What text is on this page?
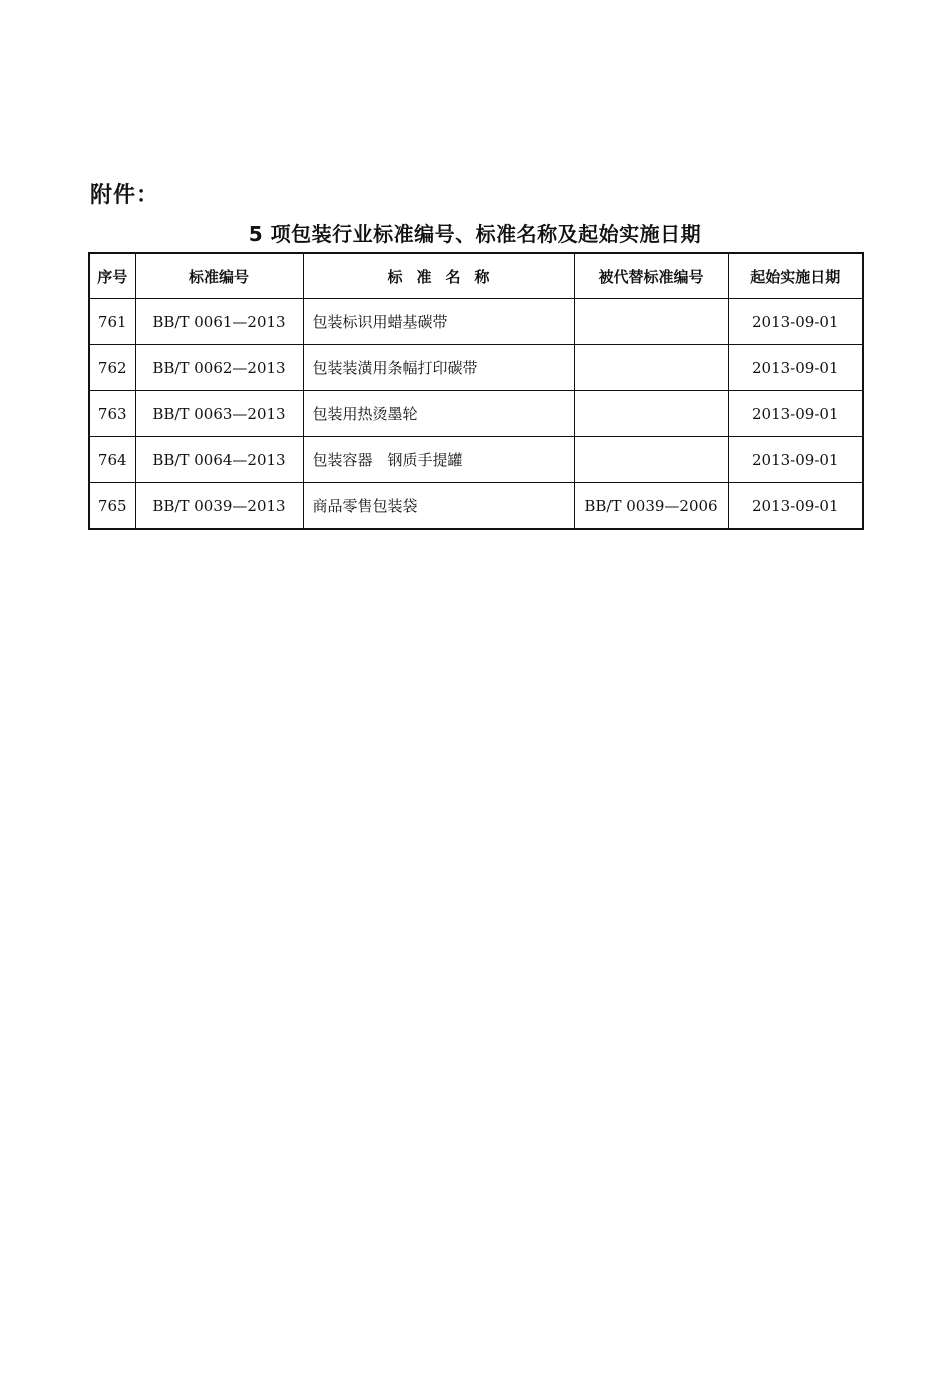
附件：
5 项包装行业标准编号、标准名称及起始实施日期
序号	标准编号	标准名称	被代替标准编号	起始实施日期
761	BB/T 0061—2013	包装标识用蜡基碳带		2013-09-01
762	BB/T 0062—2013	包装装潢用条幅打印碳带		2013-09-01
763	BB/T 0063—2013	包装用热烫墨轮		2013-09-01
764	BB/T 0064—2013	包装容器　钢质手提罐		2013-09-01
765	BB/T 0039—2013	商品零售包装袋	BB/T 0039—2006	2013-09-01
